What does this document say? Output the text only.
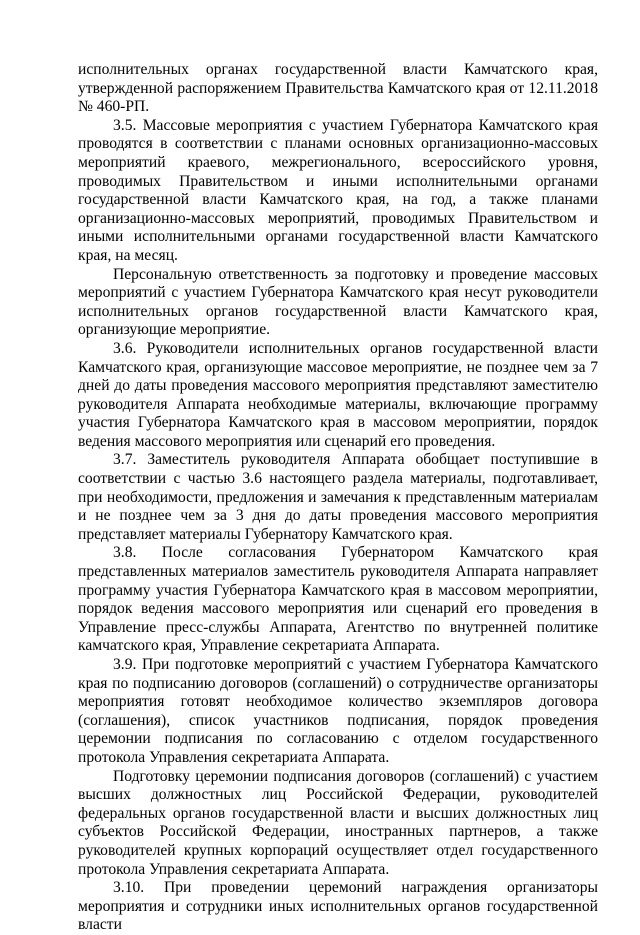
исполнительных органах государственной власти Камчатского края, утвержденной распоряжением Правительства Камчатского края от 12.11.2018 № 460-РП.

3.5. Массовые мероприятия с участием Губернатора Камчатского края проводятся в соответствии с планами основных организационно-массовых мероприятий краевого, межрегионального, всероссийского уровня, проводимых Правительством и иными исполнительными органами государственной власти Камчатского края, на год, а также планами организационно-массовых мероприятий, проводимых Правительством и иными исполнительными органами государственной власти Камчатского края, на месяц.

Персональную ответственность за подготовку и проведение массовых мероприятий с участием Губернатора Камчатского края несут руководители исполнительных органов государственной власти Камчатского края, организующие мероприятие.

3.6. Руководители исполнительных органов государственной власти Камчатского края, организующие массовое мероприятие, не позднее чем за 7 дней до даты проведения массового мероприятия представляют заместителю руководителя Аппарата необходимые материалы, включающие программу участия Губернатора Камчатского края в массовом мероприятии, порядок ведения массового мероприятия или сценарий его проведения.

3.7. Заместитель руководителя Аппарата обобщает поступившие в соответствии с частью 3.6 настоящего раздела материалы, подготавливает, при необходимости, предложения и замечания к представленным материалам и не позднее чем за 3 дня до даты проведения массового мероприятия представляет материалы Губернатору Камчатского края.

3.8. После согласования Губернатором Камчатского края представленных материалов заместитель руководителя Аппарата направляет программу участия Губернатора Камчатского края в массовом мероприятии, порядок ведения массового мероприятия или сценарий его проведения в Управление пресс-службы Аппарата, Агентство по внутренней политике камчатского края, Управление секретариата Аппарата.

3.9. При подготовке мероприятий с участием Губернатора Камчатского края по подписанию договоров (соглашений) о сотрудничестве организаторы мероприятия готовят необходимое количество экземпляров договора (соглашения), список участников подписания, порядок проведения церемонии подписания по согласованию с отделом государственного протокола Управления секретариата Аппарата.

Подготовку церемонии подписания договоров (соглашений) с участием высших должностных лиц Российской Федерации, руководителей федеральных органов государственной власти и высших должностных лиц субъектов Российской Федерации, иностранных партнеров, а также руководителей крупных корпораций осуществляет отдел государственного протокола Управления секретариата Аппарата.

3.10. При проведении церемоний награждения организаторы мероприятия и сотрудники иных исполнительных органов государственной власти
